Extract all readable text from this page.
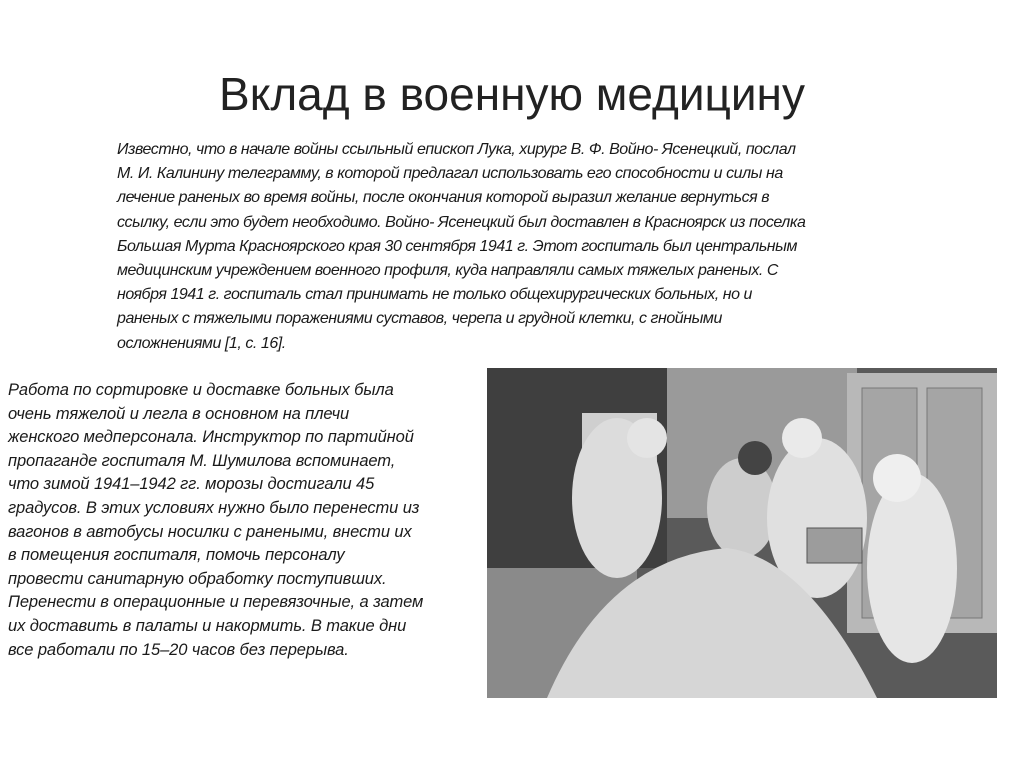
Вклад в военную медицину
Известно, что в начале войны ссыльный епископ Лука, хирург В. Ф. Войно- Ясенецкий, послал
М. И. Калинину телеграмму, в которой предлагал использовать его способности и силы на
лечение раненых во время войны, после окончания которой выразил желание вернуться в
ссылку, если это будет необходимо. Войно- Ясенецкий был доставлен в Красноярск из поселка
Большая Мурта Красноярского края 30 сентября 1941 г. Этот госпиталь был центральным
медицинским учреждением военного профиля, куда направляли самых тяжелых раненых. С
ноября 1941 г. госпиталь стал принимать не только общехирургических больных, но и
раненых с тяжелыми поражениями суставов, черепа и грудной клетки, с гнойными
осложнениями [1, с. 16].
Работа по сортировке и доставке больных была
очень тяжелой и легла в основном на плечи
женского медперсонала. Инструктор по партийной
пропаганде госпиталя М. Шумилова вспоминает,
что зимой 1941–1942 гг. морозы достигали 45
градусов. В этих условиях нужно было перенести из
вагонов в автобусы носилки с ранеными, внести их
в помещения госпиталя, помочь персоналу
провести санитарную обработку поступивших.
Перенести в операционные и перевязочные, а затем
их доставить в палаты и накормить. В такие дни
все работали по 15–20 часов без перерыва.
